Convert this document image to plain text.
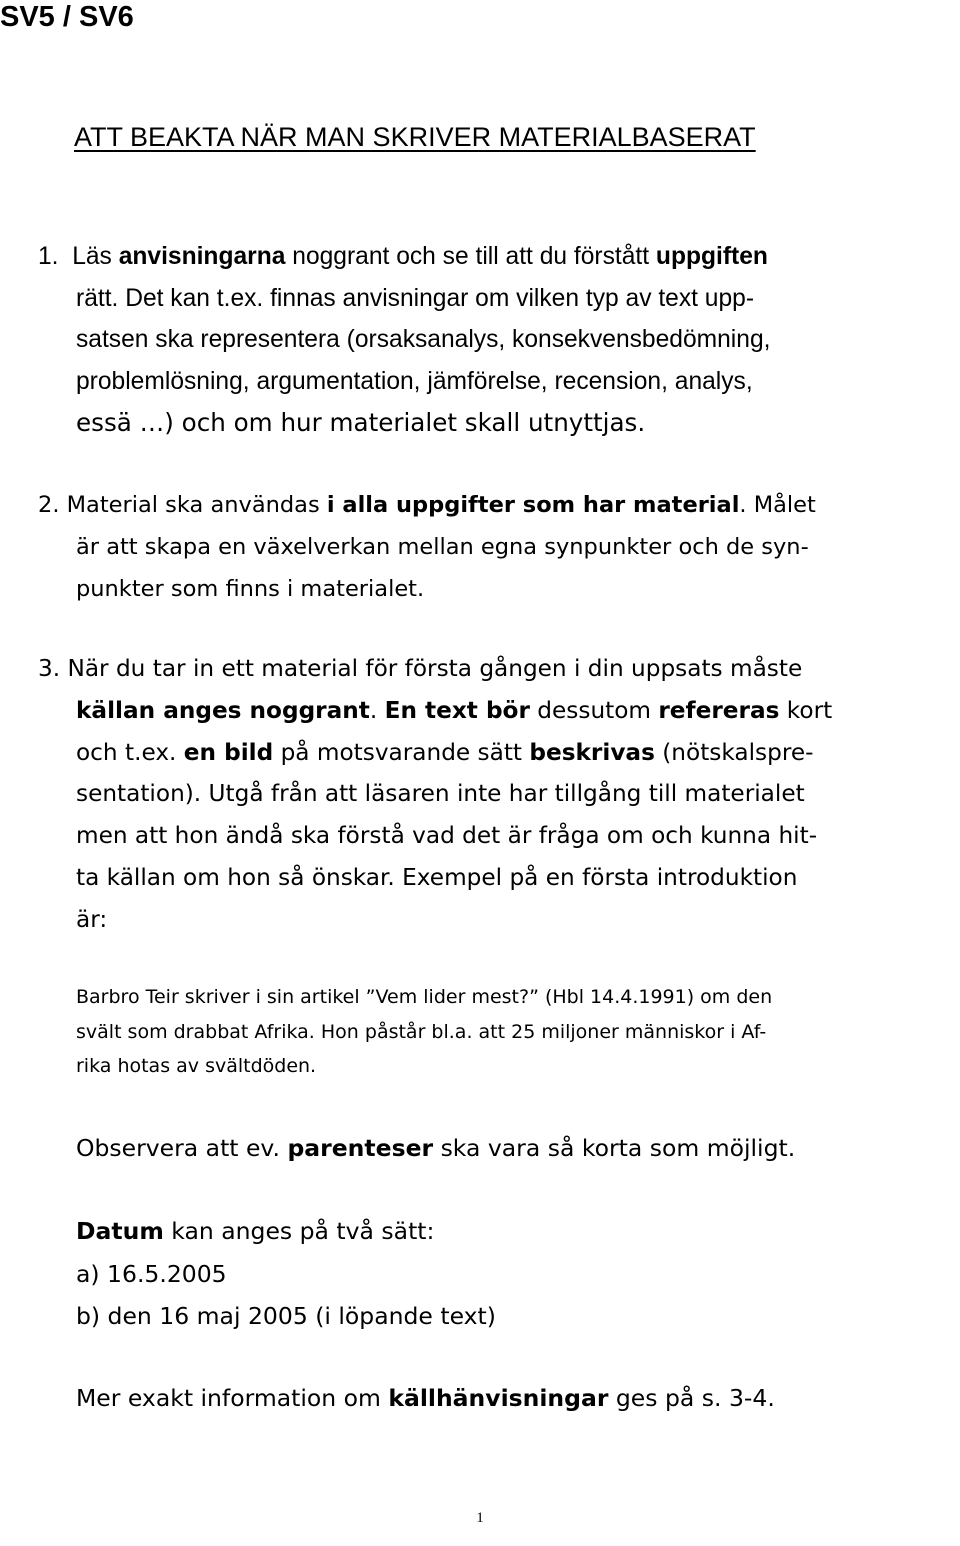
SV5 / SV6
ATT BEAKTA NÄR MAN SKRIVER MATERIALBASERAT
1. Läs anvisningarna noggrant och se till att du förstått uppgiften
rätt. Det kan t.ex. finnas anvisningar om vilken typ av text upp-
satsen ska representera (orsaksanalys, konsekvensbedömning,
problemlösning, argumentation, jämförelse, recension, analys,
essä …) och om hur materialet skall utnyttjas.
2. Material ska användas i alla uppgifter som har material. Målet
är att skapa en växelverkan mellan egna synpunkter och de syn-
punkter som finns i materialet.
3. När du tar in ett material för första gången i din uppsats måste
källan anges noggrant. En text bör dessutom refereras kort
och t.ex. en bild på motsvarande sätt beskrivas (nötskalspre-
sentation). Utgå från att läsaren inte har tillgång till materialet
men att hon ändå ska förstå vad det är fråga om och kunna hit-
ta källan om hon så önskar. Exempel på en första introduktion
är:
Barbro Teir skriver i sin artikel ”Vem lider mest?” (Hbl 14.4.1991) om den
svält som drabbat Afrika. Hon påstår bl.a. att 25 miljoner människor i Af-
rika hotas av svältdöden.
Observera att ev. parenteser ska vara så korta som möjligt.
Datum kan anges på två sätt:
a) 16.5.2005
b) den 16 maj 2005 (i löpande text)
Mer exakt information om källhänvisningar ges på s. 3-4.
1
